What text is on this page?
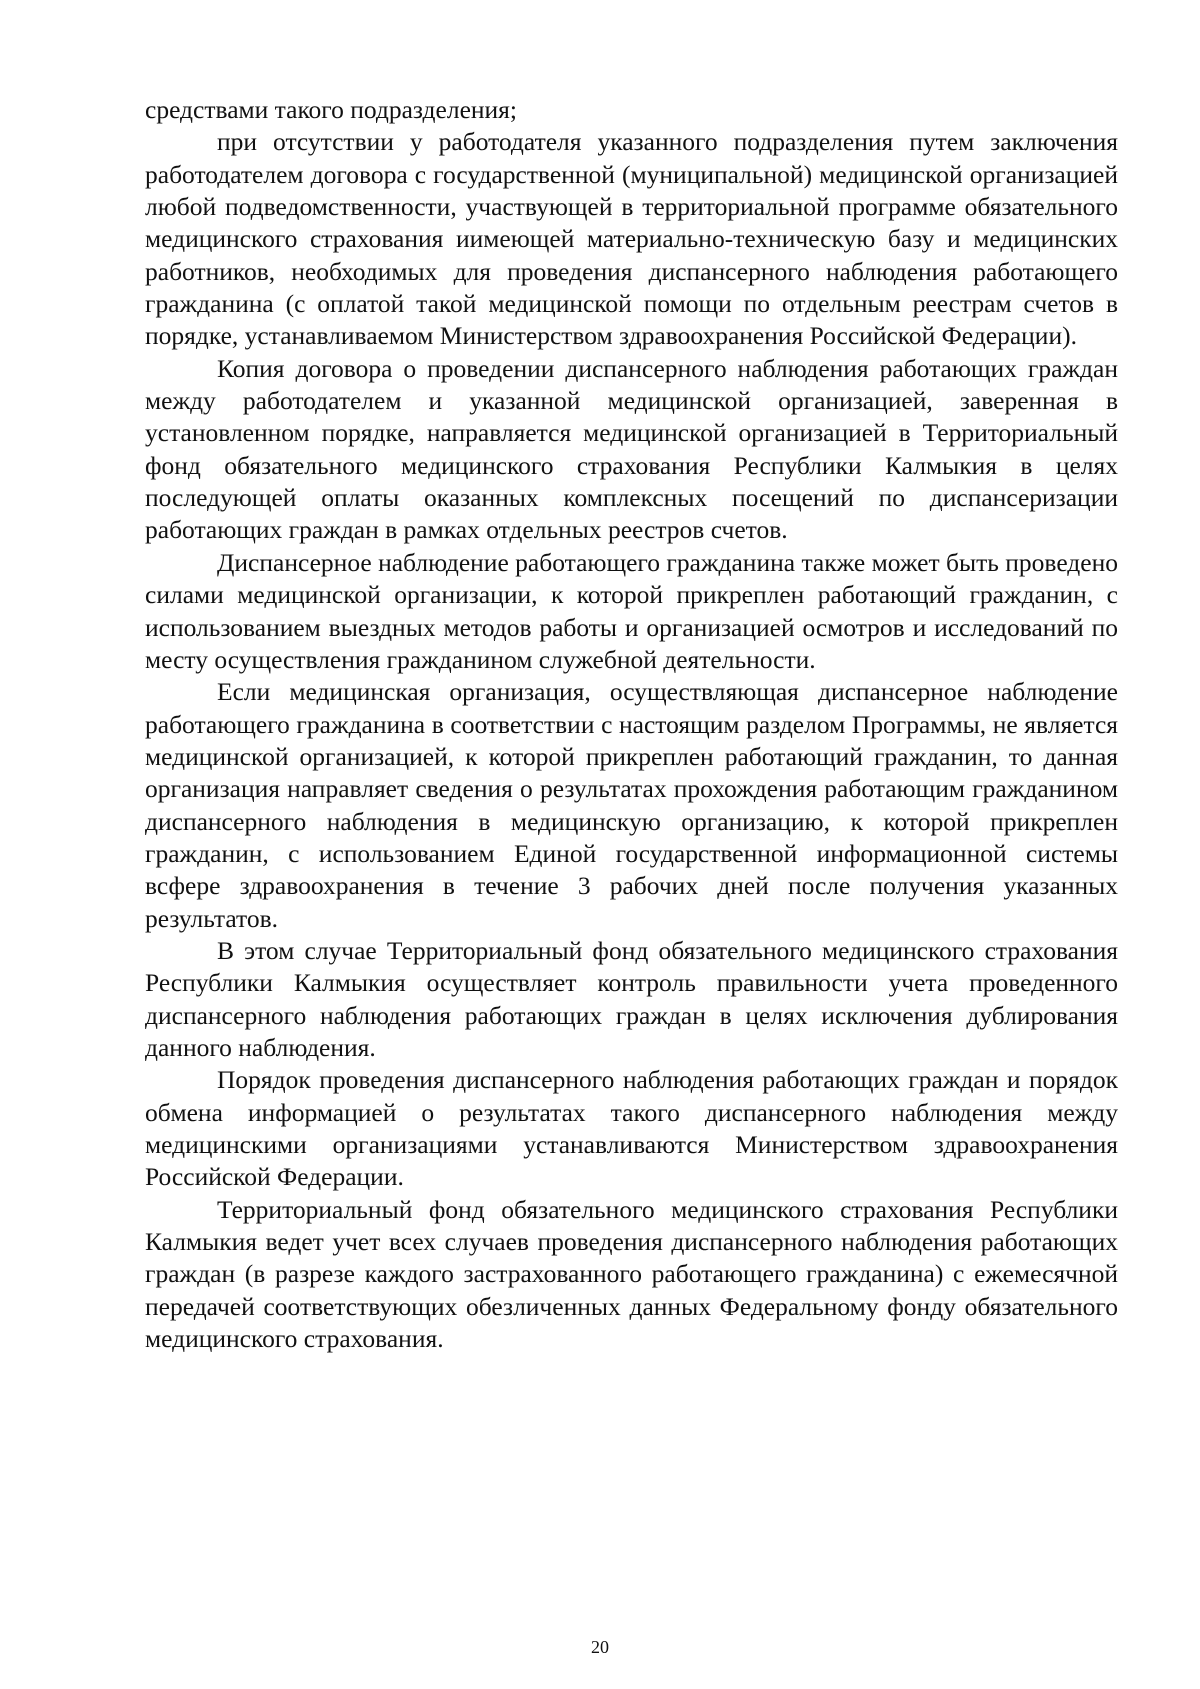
средствами такого подразделения;

при отсутствии у работодателя указанного подразделения путем заключения работодателем договора с государственной (муниципальной) медицинской организацией любой подведомственности, участвующей в территориальной программе обязательного медицинского страхования иимеющей материально-техническую базу и медицинских работников, необходимых для проведения диспансерного наблюдения работающего гражданина (с оплатой такой медицинской помощи по отдельным реестрам счетов в порядке, устанавливаемом Министерством здравоохранения Российской Федерации).

Копия договора о проведении диспансерного наблюдения работающих граждан между работодателем и указанной медицинской организацией, заверенная в установленном порядке, направляется медицинской организацией в Территориальный фонд обязательного медицинского страхования Республики Калмыкия в целях последующей оплаты оказанных комплексных посещений по диспансеризации работающих граждан в рамках отдельных реестров счетов.

Диспансерное наблюдение работающего гражданина также может быть проведено силами медицинской организации, к которой прикреплен работающий гражданин, с использованием выездных методов работы и организацией осмотров и исследований по месту осуществления гражданином служебной деятельности.

Если медицинская организация, осуществляющая диспансерное наблюдение работающего гражданина в соответствии с настоящим разделом Программы, не является медицинской организацией, к которой прикреплен работающий гражданин, то данная организация направляет сведения о результатах прохождения работающим гражданином диспансерного наблюдения в медицинскую организацию, к которой прикреплен гражданин, с использованием Единой государственной информационной системы всфере здравоохранения в течение 3 рабочих дней после получения указанных результатов.

В этом случае Территориальный фонд обязательного медицинского страхования Республики Калмыкия осуществляет контроль правильности учета проведенного диспансерного наблюдения работающих граждан в целях исключения дублирования данного наблюдения.

Порядок проведения диспансерного наблюдения работающих граждан и порядок обмена информацией о результатах такого диспансерного наблюдения между медицинскими организациями устанавливаются Министерством здравоохранения Российской Федерации.

Территориальный фонд обязательного медицинского страхования Республики Калмыкия ведет учет всех случаев проведения диспансерного наблюдения работающих граждан (в разрезе каждого застрахованного работающего гражданина) с ежемесячной передачей соответствующих обезличенных данных Федеральному фонду обязательного медицинского страхования.

20
